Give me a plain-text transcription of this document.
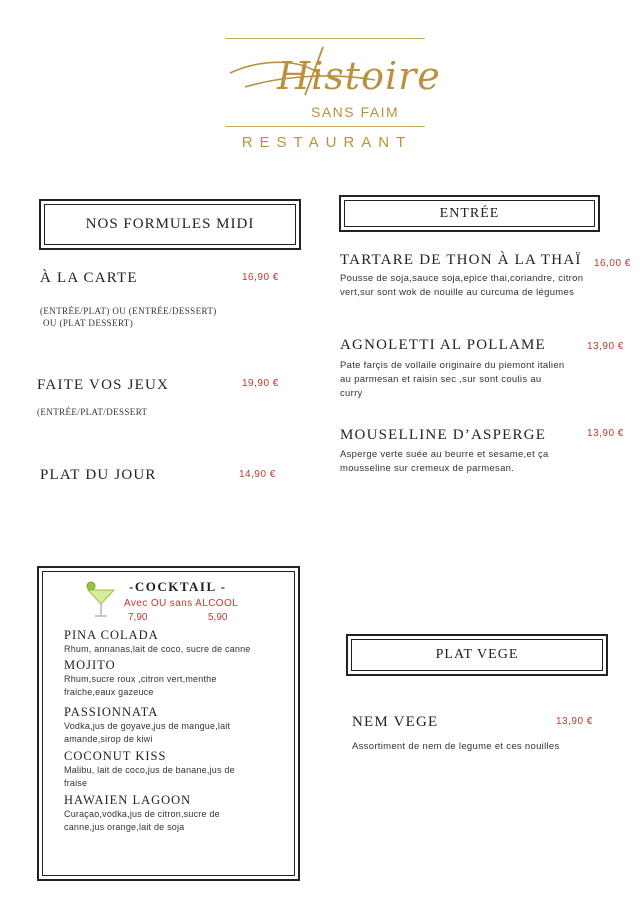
Histoire
SANS FAIM
RESTAURANT
NOS FORMULES MIDI
À LA CARTE	16,90 €
(ENTRÉE/PLAT) OU (ENTRÉE/DESSERT)
OU (PLAT DESSERT)
FAITE VOS JEUX	19,90 €
(ENTRÉE/PLAT/DESSERT
PLAT DU JOUR	14,90 €
ENTRÉE
TARTARE DE THON À LA THAÏ 16,00 €
Pousse de soja,sauce soja,epice thai,coriandre, citron
vert,sur sont wok de nouille au curcuma de légumes
AGNOLETTI AL POLLAME	13,90 €
Pate farçis de vollaile originaire du piemont italien
au parmesan et raisin sec ,sur sont coulis au
curry
MOUSELLINE D’ASPERGE	13,90 €
Asperge verte suée au beurre et sesame,et ça
mousseline sur cremeux de parmesan.
-COCKTAIL -
Avec OU sans ALCOOL
7,90	5,90
PINA COLADA
Rhum, annanas,lait de coco, sucre de canne
MOJITO
Rhum,sucre roux ,citron vert,menthe
fraiche,eaux gazeuce
PASSIONNATA
Vodka,jus de goyave,jus de mangue,lait
amande,sirop de kiwi
COCONUT KISS
Malibu, lait de coco,jus de banane,jus de
fraise
HAWAIEN LAGOON
Curaçao,vodka,jus de citron,sucre de
canne,jus orange,lait de soja
PLAT VEGE
NEM VEGE	13,90 €
Assortiment de nem de legume et ces nouilles
